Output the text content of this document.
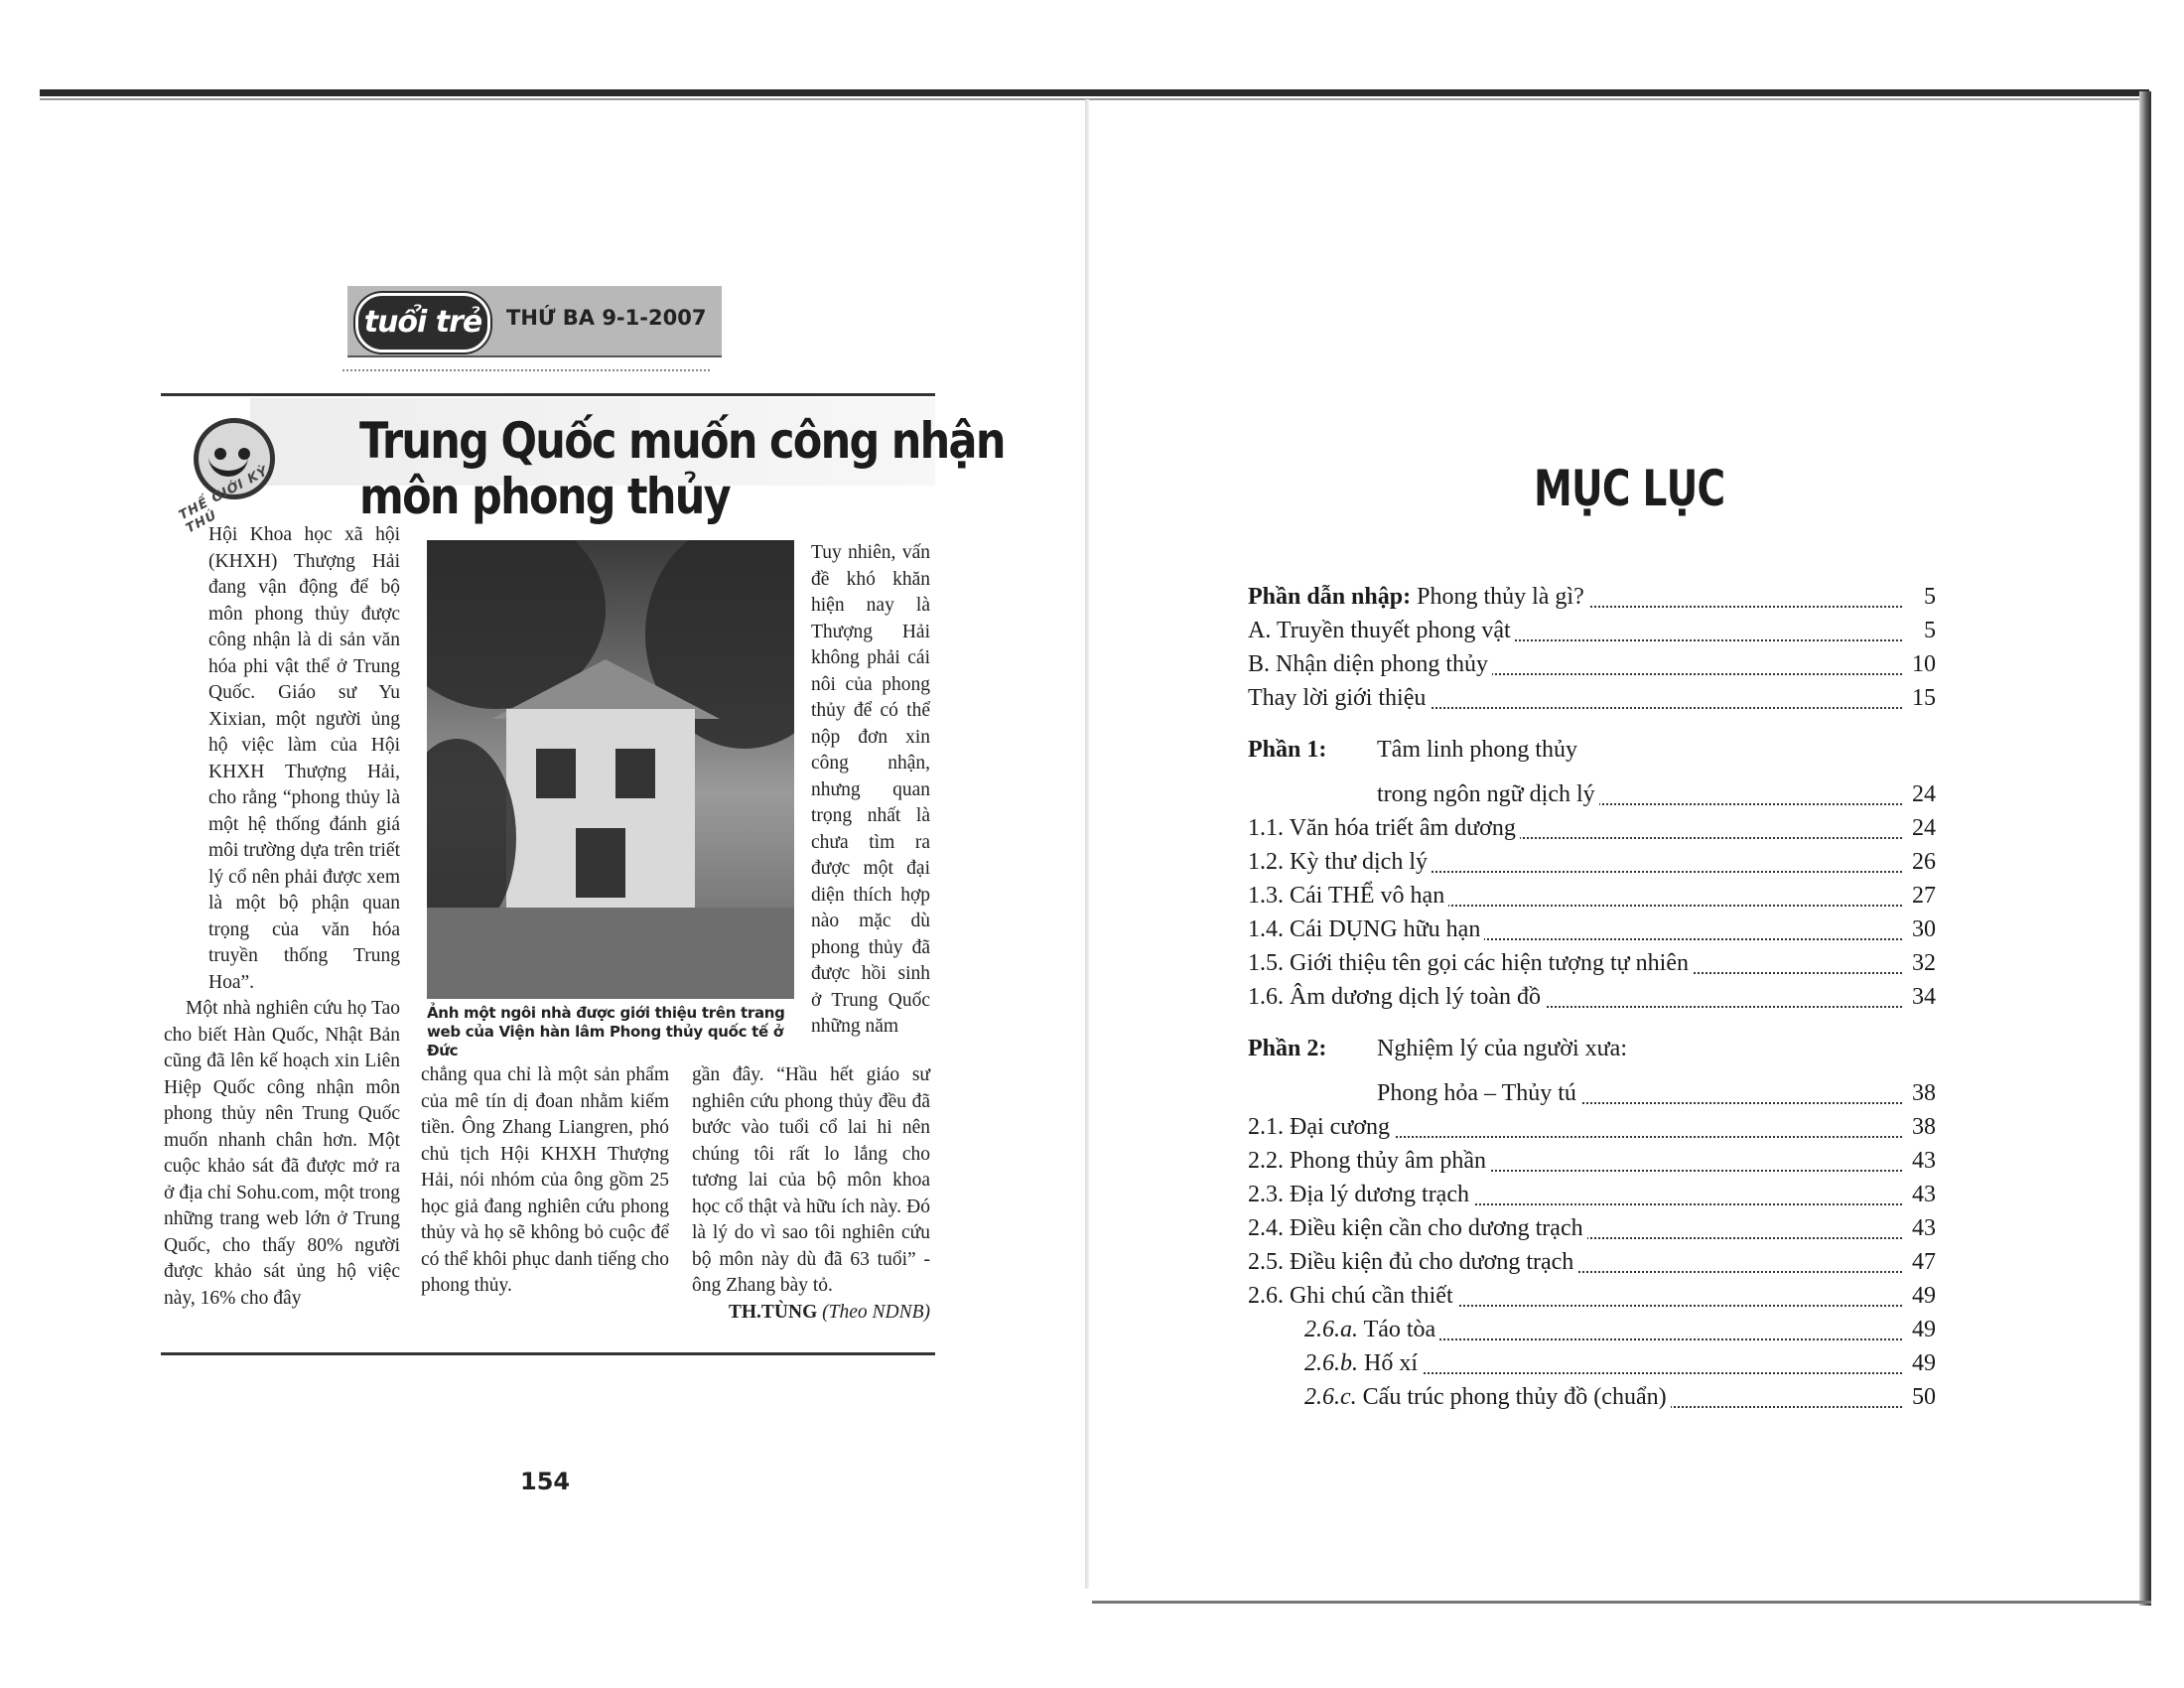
tuổi trẻ THỨ BA 9-1-2007
THẾ GIỚI KỲ THÚ
Trung Quốc muốn công nhận
môn phong thủy

Hội Khoa học xã hội (KHXH) Thượng Hải đang vận động để bộ môn phong thủy được công nhận là di sản văn hóa phi vật thể ở Trung Quốc. Giáo sư Yu Xixian, một người ủng hộ việc làm của Hội KHXH Thượng Hải, cho rằng “phong thủy là một hệ thống đánh giá môi trường dựa trên triết lý cổ nên phải được xem là một bộ phận quan trọng của văn hóa truyền thống Trung Hoa”.

Một nhà nghiên cứu họ Tao cho biết Hàn Quốc, Nhật Bản cũng đã lên kế hoạch xin Liên Hiệp Quốc công nhận môn phong thủy nên Trung Quốc muốn nhanh chân hơn. Một cuộc khảo sát đã được mở ra ở địa chỉ Sohu.com, một trong những trang web lớn ở Trung Quốc, cho thấy 80% người được khảo sát ủng hộ việc này, 16% cho đây

Ảnh một ngôi nhà được giới thiệu trên trang web của Viện hàn lâm Phong thủy quốc tế ở Đức

Tuy nhiên, vấn đề khó khăn hiện nay là Thượng Hải không phải cái nôi của phong thủy để có thể nộp đơn xin công nhận, nhưng quan trọng nhất là chưa tìm ra được một đại diện thích hợp nào mặc dù phong thủy đã được hồi sinh ở Trung Quốc những năm

chẳng qua chỉ là một sản phẩm của mê tín dị đoan nhằm kiếm tiền. Ông Zhang Liangren, phó chủ tịch Hội KHXH Thượng Hải, nói nhóm của ông gồm 25 học giả đang nghiên cứu phong thủy và họ sẽ không bỏ cuộc để có thể khôi phục danh tiếng cho phong thủy.

gần đây. “Hầu hết giáo sư nghiên cứu phong thủy đều đã bước vào tuổi cổ lai hi nên chúng tôi rất lo lắng cho tương lai của bộ môn khoa học cổ thật và hữu ích này. Đó là lý do vì sao tôi nghiên cứu bộ môn này dù đã 63 tuổi” - ông Zhang bày tỏ.

TH.TÙNG (Theo NDNB)

154
MỤC LỤC
Phần dẫn nhập: Phong thủy là gì?	5
A. Truyền thuyết phong vật	5
B. Nhận diện phong thủy	10
Thay lời giới thiệu	15
Phần 1: Tâm linh phong thủy
trong ngôn ngữ dịch lý	24
1.1. Văn hóa triết âm dương	24
1.2. Kỳ thư dịch lý	26
1.3. Cái THỂ vô hạn	27
1.4. Cái DỤNG hữu hạn	30
1.5. Giới thiệu tên gọi các hiện tượng tự nhiên	32
1.6. Âm dương dịch lý toàn đồ	34
Phần 2: Nghiệm lý của người xưa:
Phong hỏa – Thủy tú	38
2.1. Đại cương	38
2.2. Phong thủy âm phần	43
2.3. Địa lý dương trạch	43
2.4. Điều kiện cần cho dương trạch	43
2.5. Điều kiện đủ cho dương trạch	47
2.6. Ghi chú cần thiết	49
2.6.a. Táo tòa	49
2.6.b. Hố xí	49
2.6.c. Cấu trúc phong thủy đồ (chuẩn)	50
